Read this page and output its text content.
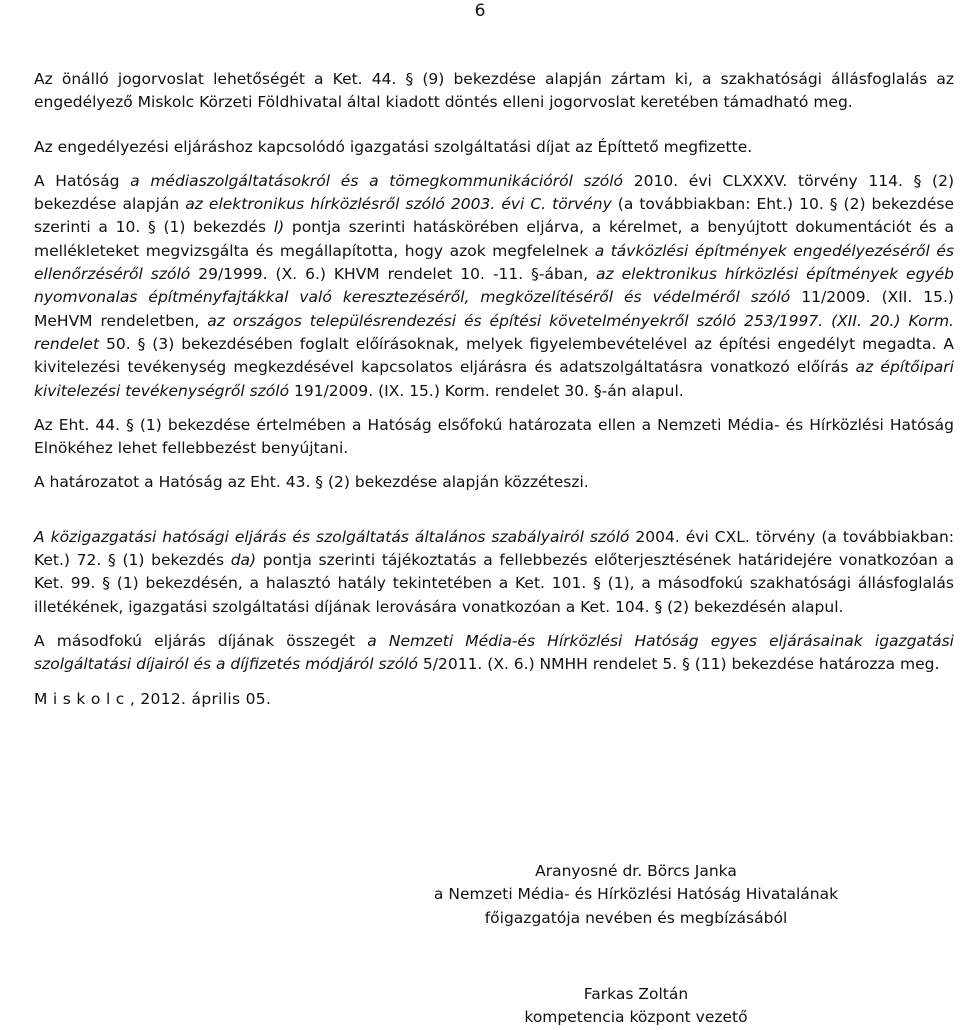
6

Az önálló jogorvoslat lehetőségét a Ket. 44. § (9) bekezdése alapján zártam ki, a szakhatósági állásfoglalás az engedélyező Miskolc Körzeti Földhivatal által kiadott döntés elleni jogorvoslat keretében támadható meg.

Az engedélyezési eljáráshoz kapcsolódó igazgatási szolgáltatási díjat az Építtető megfizette.

A Hatóság a médiaszolgáltatásokról és a tömegkommunikációról szóló 2010. évi CLXXXV. törvény 114. § (2) bekezdése alapján az elektronikus hírközlésről szóló 2003. évi C. törvény (a továbbiakban: Eht.) 10. § (2) bekezdése szerinti a 10. § (1) bekezdés l) pontja szerinti hatáskörében eljárva, a kérelmet, a benyújtott dokumentációt és a mellékleteket megvizsgálta és megállapította, hogy azok megfelelnek a távközlési építmények engedélyezéséről és ellenőrzéséről szóló 29/1999. (X. 6.) KHVM rendelet 10. -11. §-ában, az elektronikus hírközlési építmények egyéb nyomvonalas építményfajtákkal való keresztezéséről, megközelítéséről és védelméről szóló 11/2009. (XII. 15.) MeHVM rendeletben, az országos településrendezési és építési követelményekről szóló 253/1997. (XII. 20.) Korm. rendelet 50. § (3) bekezdésében foglalt előírásoknak, melyek figyelembevételével az építési engedélyt megadta. A kivitelezési tevékenység megkezdésével kapcsolatos eljárásra és adatszolgáltatásra vonatkozó előírás az építőipari kivitelezési tevékenységről szóló 191/2009. (IX. 15.) Korm. rendelet 30. §-án alapul.

Az Eht. 44. § (1) bekezdése értelmében a Hatóság elsőfokú határozata ellen a Nemzeti Média- és Hírközlési Hatóság Elnökéhez lehet fellebbezést benyújtani.

A határozatot a Hatóság az Eht. 43. § (2) bekezdése alapján közzéteszi.

A közigazgatási hatósági eljárás és szolgáltatás általános szabályairól szóló 2004. évi CXL. törvény (a továbbiakban: Ket.) 72. § (1) bekezdés da) pontja szerinti tájékoztatás a fellebbezés előterjesztésének határidejére vonatkozóan a Ket. 99. § (1) bekezdésén, a halasztó hatály tekintetében a Ket. 101. § (1), a másodfokú szakhatósági állásfoglalás illetékének, igazgatási szolgáltatási díjának lerovására vonatkozóan a Ket. 104. § (2) bekezdésén alapul.

A másodfokú eljárás díjának összegét a Nemzeti Média-és Hírközlési Hatóság egyes eljárásainak igazgatási szolgáltatási díjairól és a díjfizetés módjáról szóló 5/2011. (X. 6.) NMHH rendelet 5. § (11) bekezdése határozza meg.

M i s k o l c , 2012. április 05.

Aranyosné dr. Börcs Janka
a Nemzeti Média- és Hírközlési Hatóság Hivatalának
főigazgatója nevében és megbízásából
Farkas Zoltán
kompetencia központ vezető
